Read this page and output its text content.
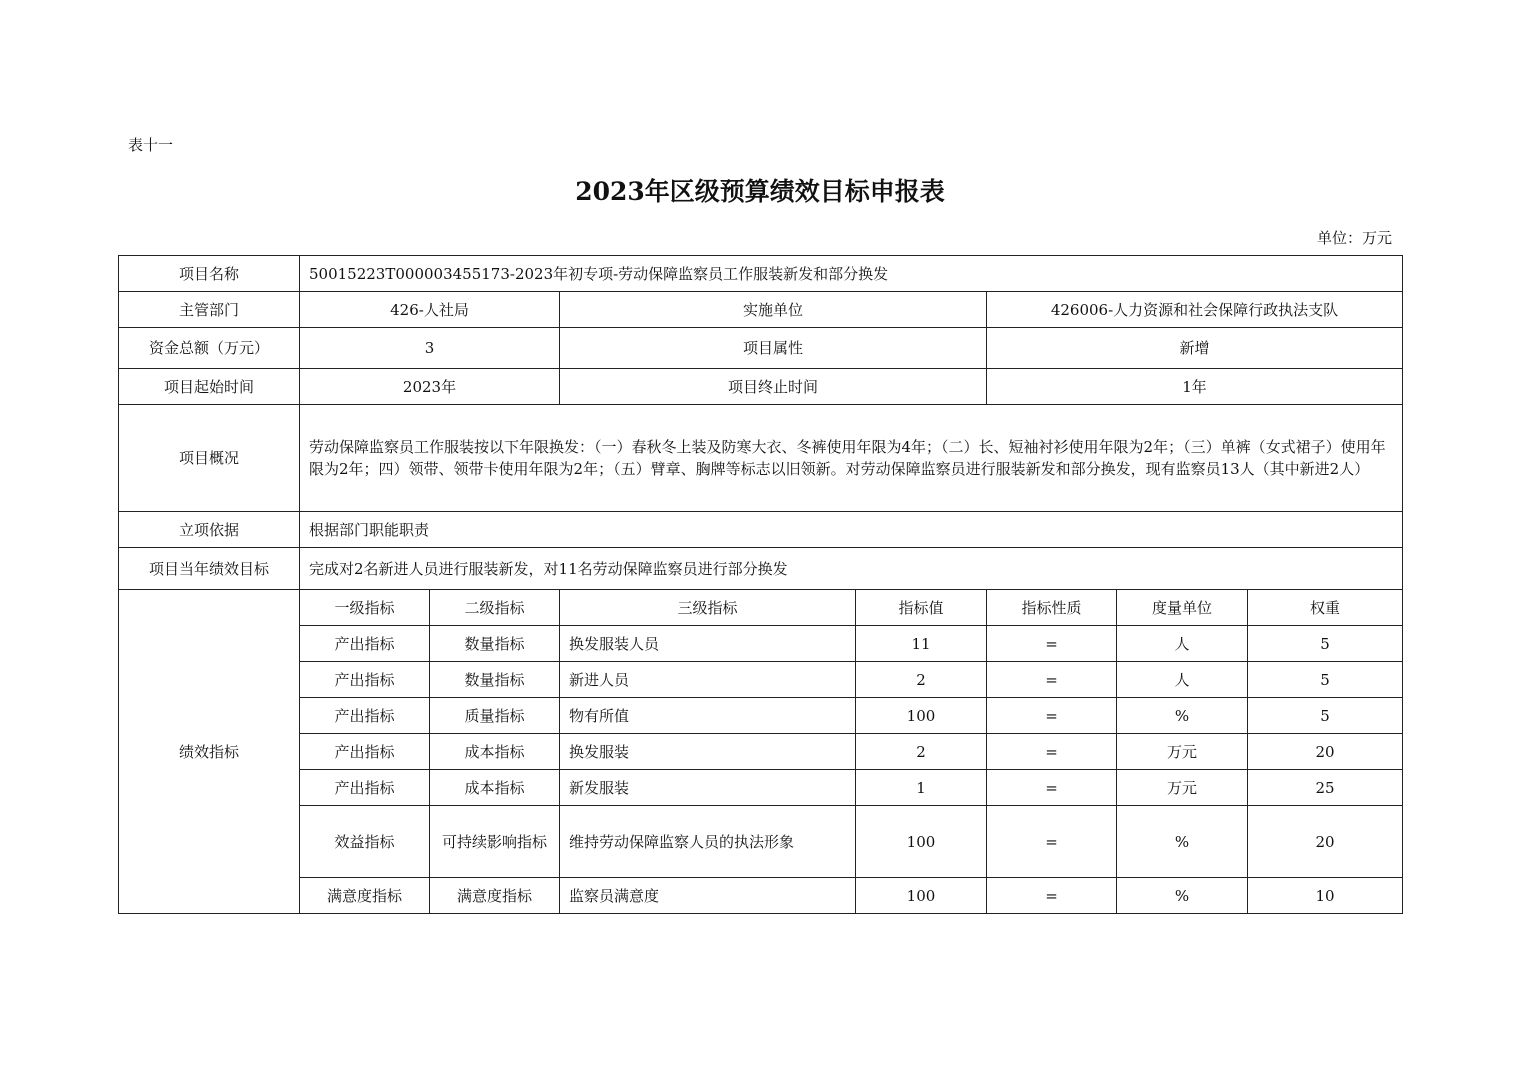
表十一
2023年区级预算绩效目标申报表
单位：万元
项目名称	50015223T000003455173-2023年初专项-劳动保障监察员工作服装新发和部分换发						
主管部门	426-人社局		实施单位		426006-人力资源和社会保障行政执法支队		
资金总额（万元）	3		项目属性		新增		
项目起始时间	2023年		项目终止时间		1年		
项目概况	劳动保障监察员工作服装按以下年限换发：（一）春秋冬上装及防寒大衣、冬裤使用年限为4年；（二）长、短袖衬衫使用年限为2年；（三）单裤（女式裙子）使用年限为2年；四）领带、领带卡使用年限为2年；（五）臂章、胸牌等标志以旧领新。对劳动保障监察员进行服装新发和部分换发，现有监察员13人（其中新进2人）						
立项依据	根据部门职能职责						
项目当年绩效目标	完成对2名新进人员进行服装新发，对11名劳动保障监察员进行部分换发						
绩效指标	一级指标	二级指标	三级指标	指标值	指标性质	度量单位	权重
	产出指标	数量指标	换发服装人员	11	=	人	5
	产出指标	数量指标	新进人员	2	=	人	5
	产出指标	质量指标	物有所值	100	=	%	5
	产出指标	成本指标	换发服装	2	=	万元	20
	产出指标	成本指标	新发服装	1	=	万元	25
	效益指标	可持续影响指标	维持劳动保障监察人员的执法形象	100	=	%	20
	满意度指标	满意度指标	监察员满意度	100	=	%	10
